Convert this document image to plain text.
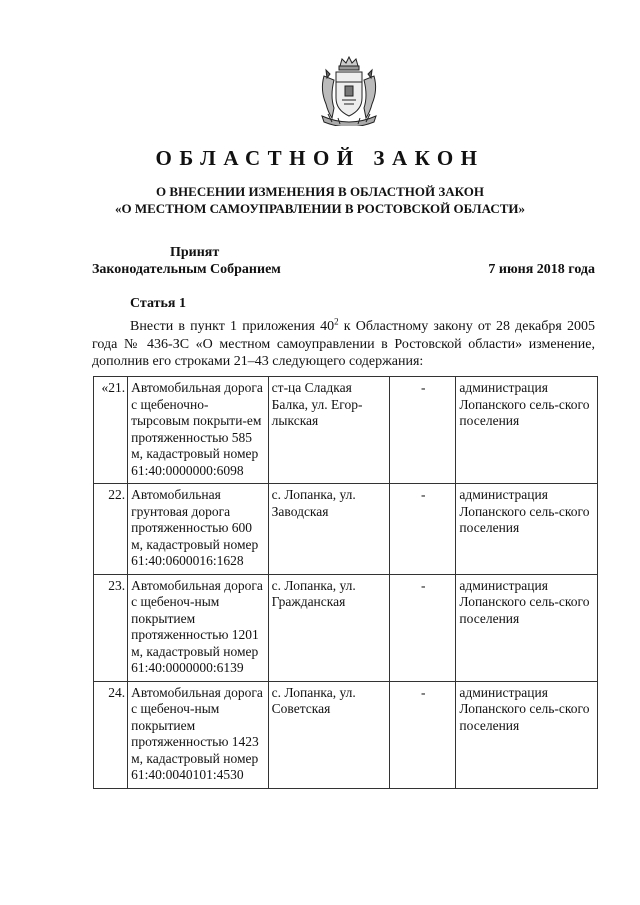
ОБЛАСТНОЙ ЗАКОН
О ВНЕСЕНИИ ИЗМЕНЕНИЯ В ОБЛАСТНОЙ ЗАКОН
«О МЕСТНОМ САМОУПРАВЛЕНИИ В РОСТОВСКОЙ ОБЛАСТИ»
Принят
Законодательным Собранием	7 июня 2018 года
Статья 1
Внести в пункт 1 приложения $40^2$ к Областному закону от 28 декабря 2005 года № 436-ЗС «О местном самоуправлении в Ростовской области» изменение, дополнив его строками 21–43 следующего содержания:
«21.	Автомобильная дорога с щебеночно-тырсовым покрыти-ем протяженностью 585 м, кадастровый номер 61:40:0000000:6098	ст-ца Сладкая Балка, ул. Егор-лыкская	-	администрация Лопанского сель-ского поселения
22.	Автомобильная грунтовая дорога протяженностью 600 м, кадастровый номер 61:40:0600016:1628	с. Лопанка, ул. Заводская	-	администрация Лопанского сель-ского поселения
23.	Автомобильная дорога с щебеноч-ным покрытием протяженностью 1201 м, кадастровый номер 61:40:0000000:6139	с. Лопанка, ул. Гражданская	-	администрация Лопанского сель-ского поселения
24.	Автомобильная дорога с щебеноч-ным покрытием протяженностью 1423 м, кадастровый номер 61:40:0040101:4530	с. Лопанка, ул. Советская	-	администрация Лопанского сель-ского поселения
